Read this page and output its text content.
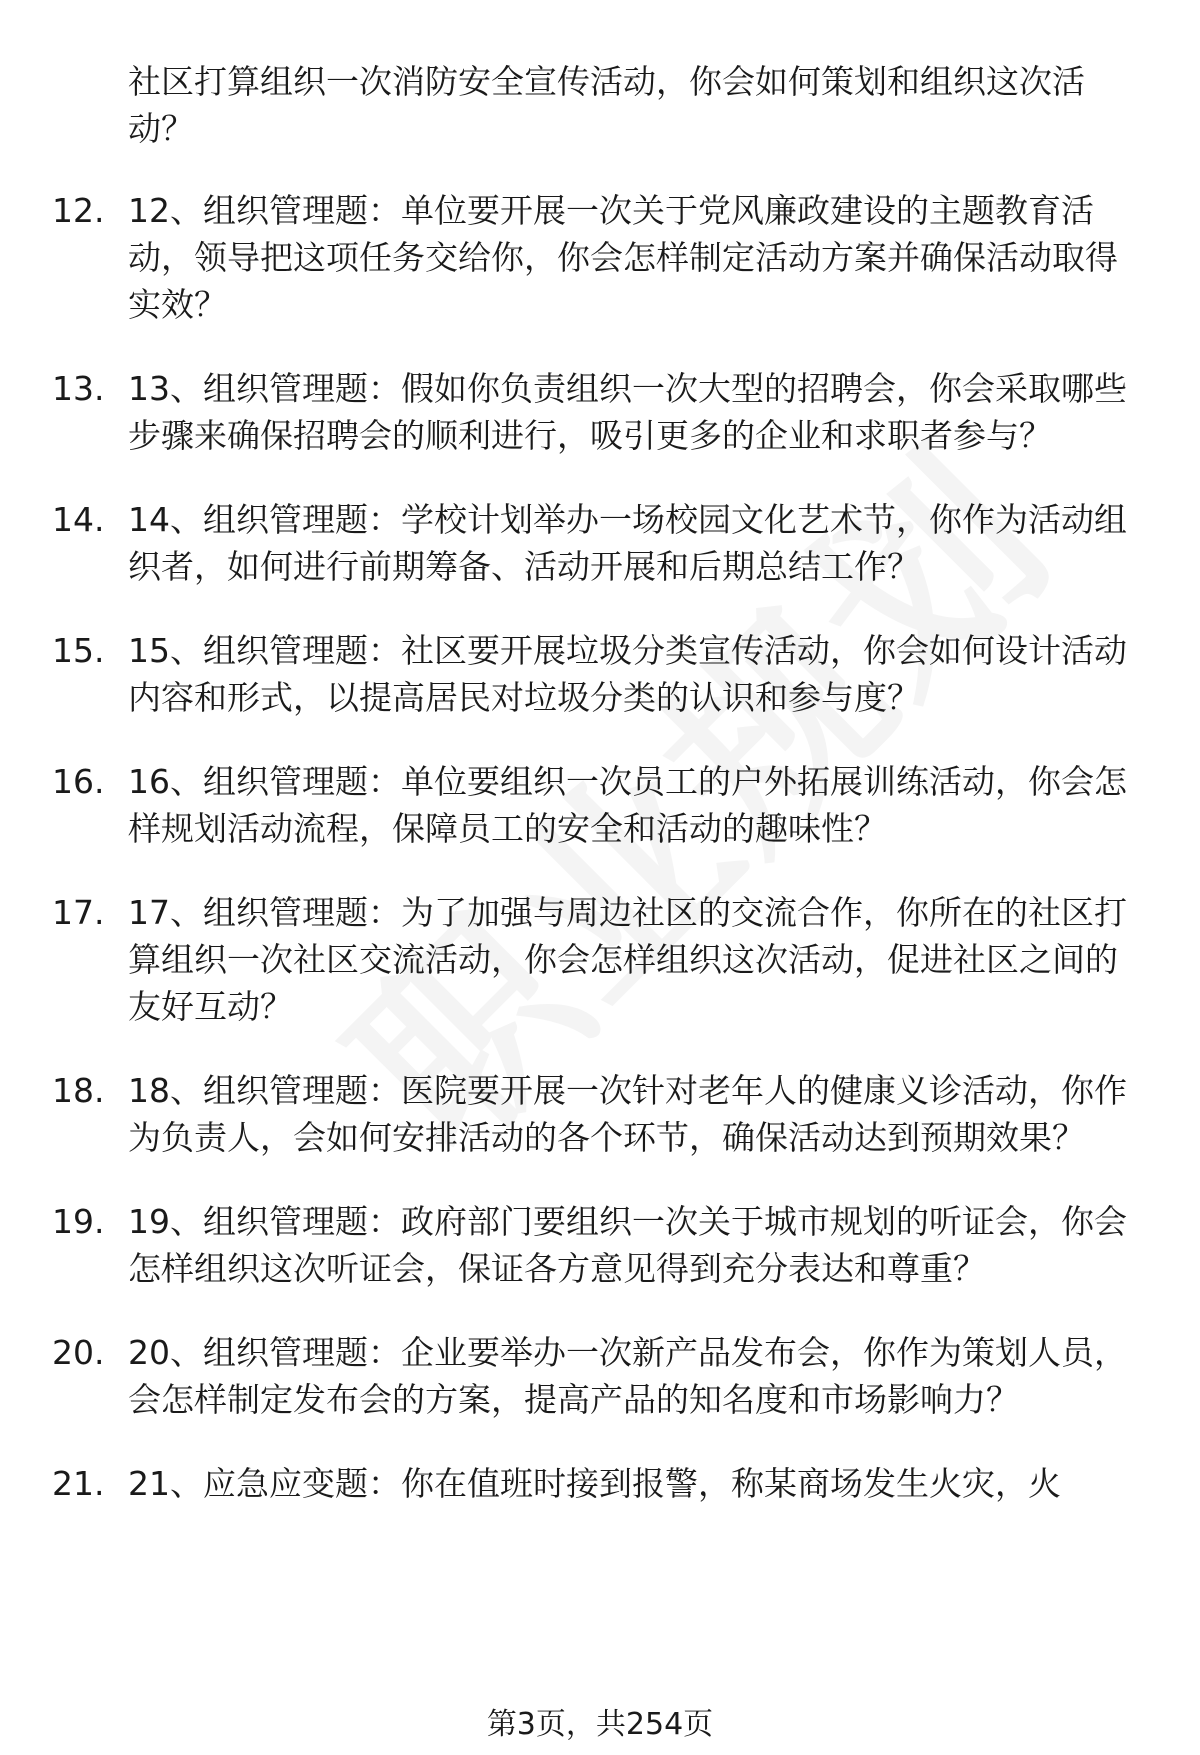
社区打算组织一次消防安全宣传活动，你会如何策划和组织这次活动？

12. 12、组织管理题：单位要开展一次关于党风廉政建设的主题教育活动，领导把这项任务交给你，你会怎样制定活动方案并确保活动取得实效？
13. 13、组织管理题：假如你负责组织一次大型的招聘会，你会采取哪些步骤来确保招聘会的顺利进行，吸引更多的企业和求职者参与？
14. 14、组织管理题：学校计划举办一场校园文化艺术节，你作为活动组织者，如何进行前期筹备、活动开展和后期总结工作？
15. 15、组织管理题：社区要开展垃圾分类宣传活动，你会如何设计活动内容和形式，以提高居民对垃圾分类的认识和参与度？
16. 16、组织管理题：单位要组织一次员工的户外拓展训练活动，你会怎样规划活动流程，保障员工的安全和活动的趣味性？
17. 17、组织管理题：为了加强与周边社区的交流合作，你所在的社区打算组织一次社区交流活动，你会怎样组织这次活动，促进社区之间的友好互动？
18. 18、组织管理题：医院要开展一次针对老年人的健康义诊活动，你作为负责人，会如何安排活动的各个环节，确保活动达到预期效果？
19. 19、组织管理题：政府部门要组织一次关于城市规划的听证会，你会怎样组织这次听证会，保证各方意见得到充分表达和尊重？
20. 20、组织管理题：企业要举办一次新产品发布会，你作为策划人员，会怎样制定发布会的方案，提高产品的知名度和市场影响力？
21. 21、应急应变题：你在值班时接到报警，称某商场发生火灾，火
第3页，共254页
